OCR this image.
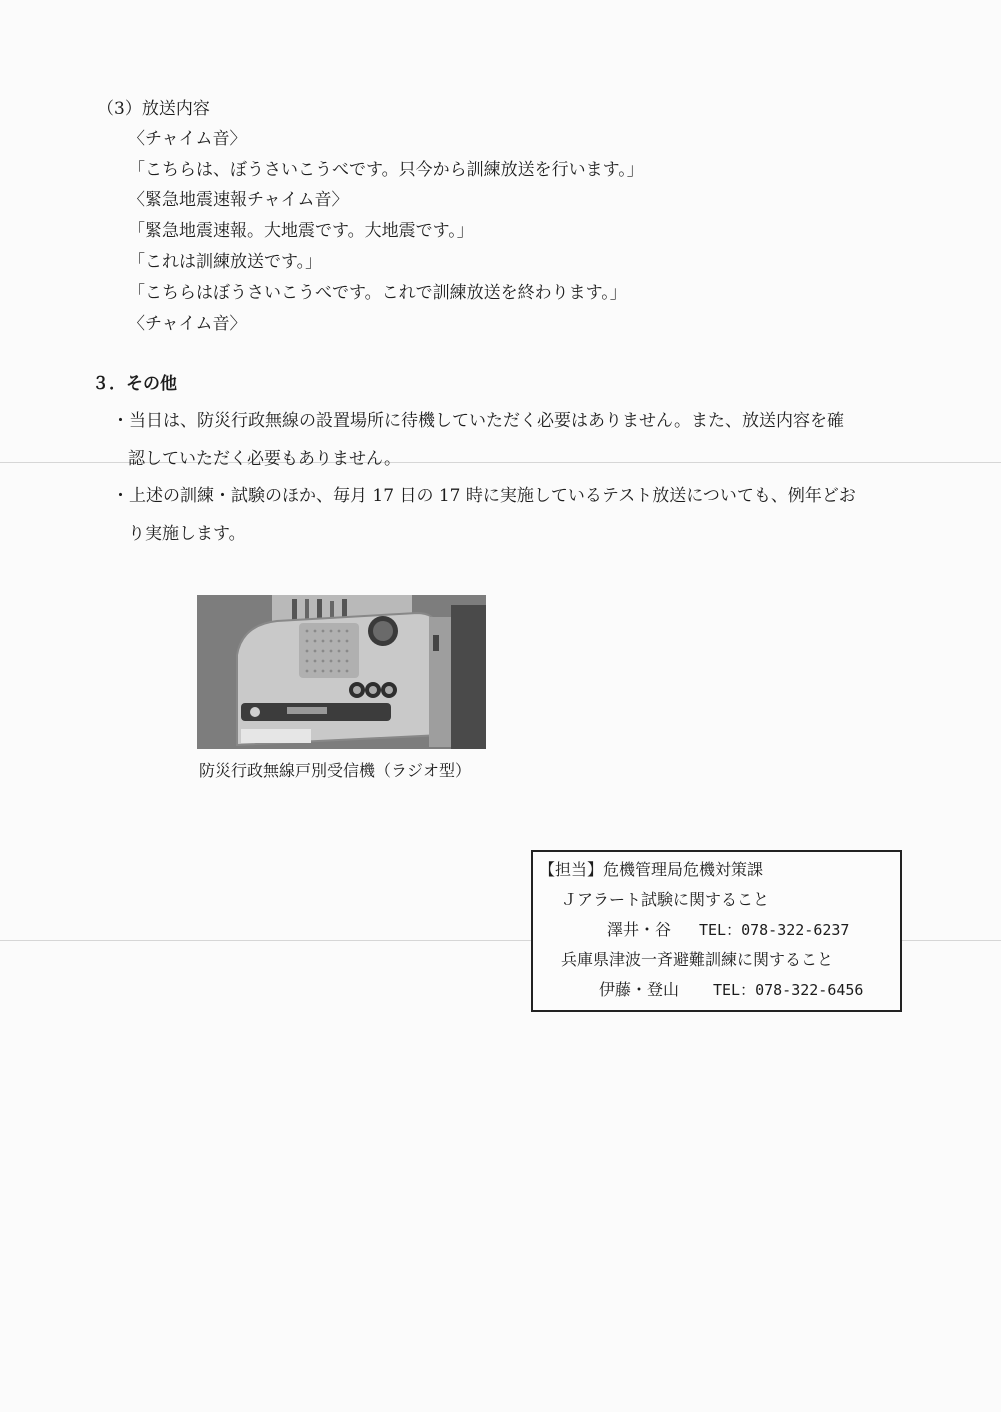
（3）放送内容
〈チャイム音〉
「こちらは、ぼうさいこうべです。只今から訓練放送を行います。」
〈緊急地震速報チャイム音〉
「緊急地震速報。大地震です。大地震です。」
「これは訓練放送です。」
「こちらはぼうさいこうべです。これで訓練放送を終わります。」
〈チャイム音〉
３．その他
・当日は、防災行政無線の設置場所に待機していただく必要はありません。また、放送内容を確
認していただく必要もありません。
・上述の訓練・試験のほか、毎月 17 日の 17 時に実施しているテスト放送についても、例年どお
り実施します。
防災行政無線戸別受信機（ラジオ型）
【担当】危機管理局危機対策課
Ｊアラート試験に関すること
澤井・谷 TEL：078-322-6237
兵庫県津波一斉避難訓練に関すること
伊藤・登山 TEL：078-322-6456
